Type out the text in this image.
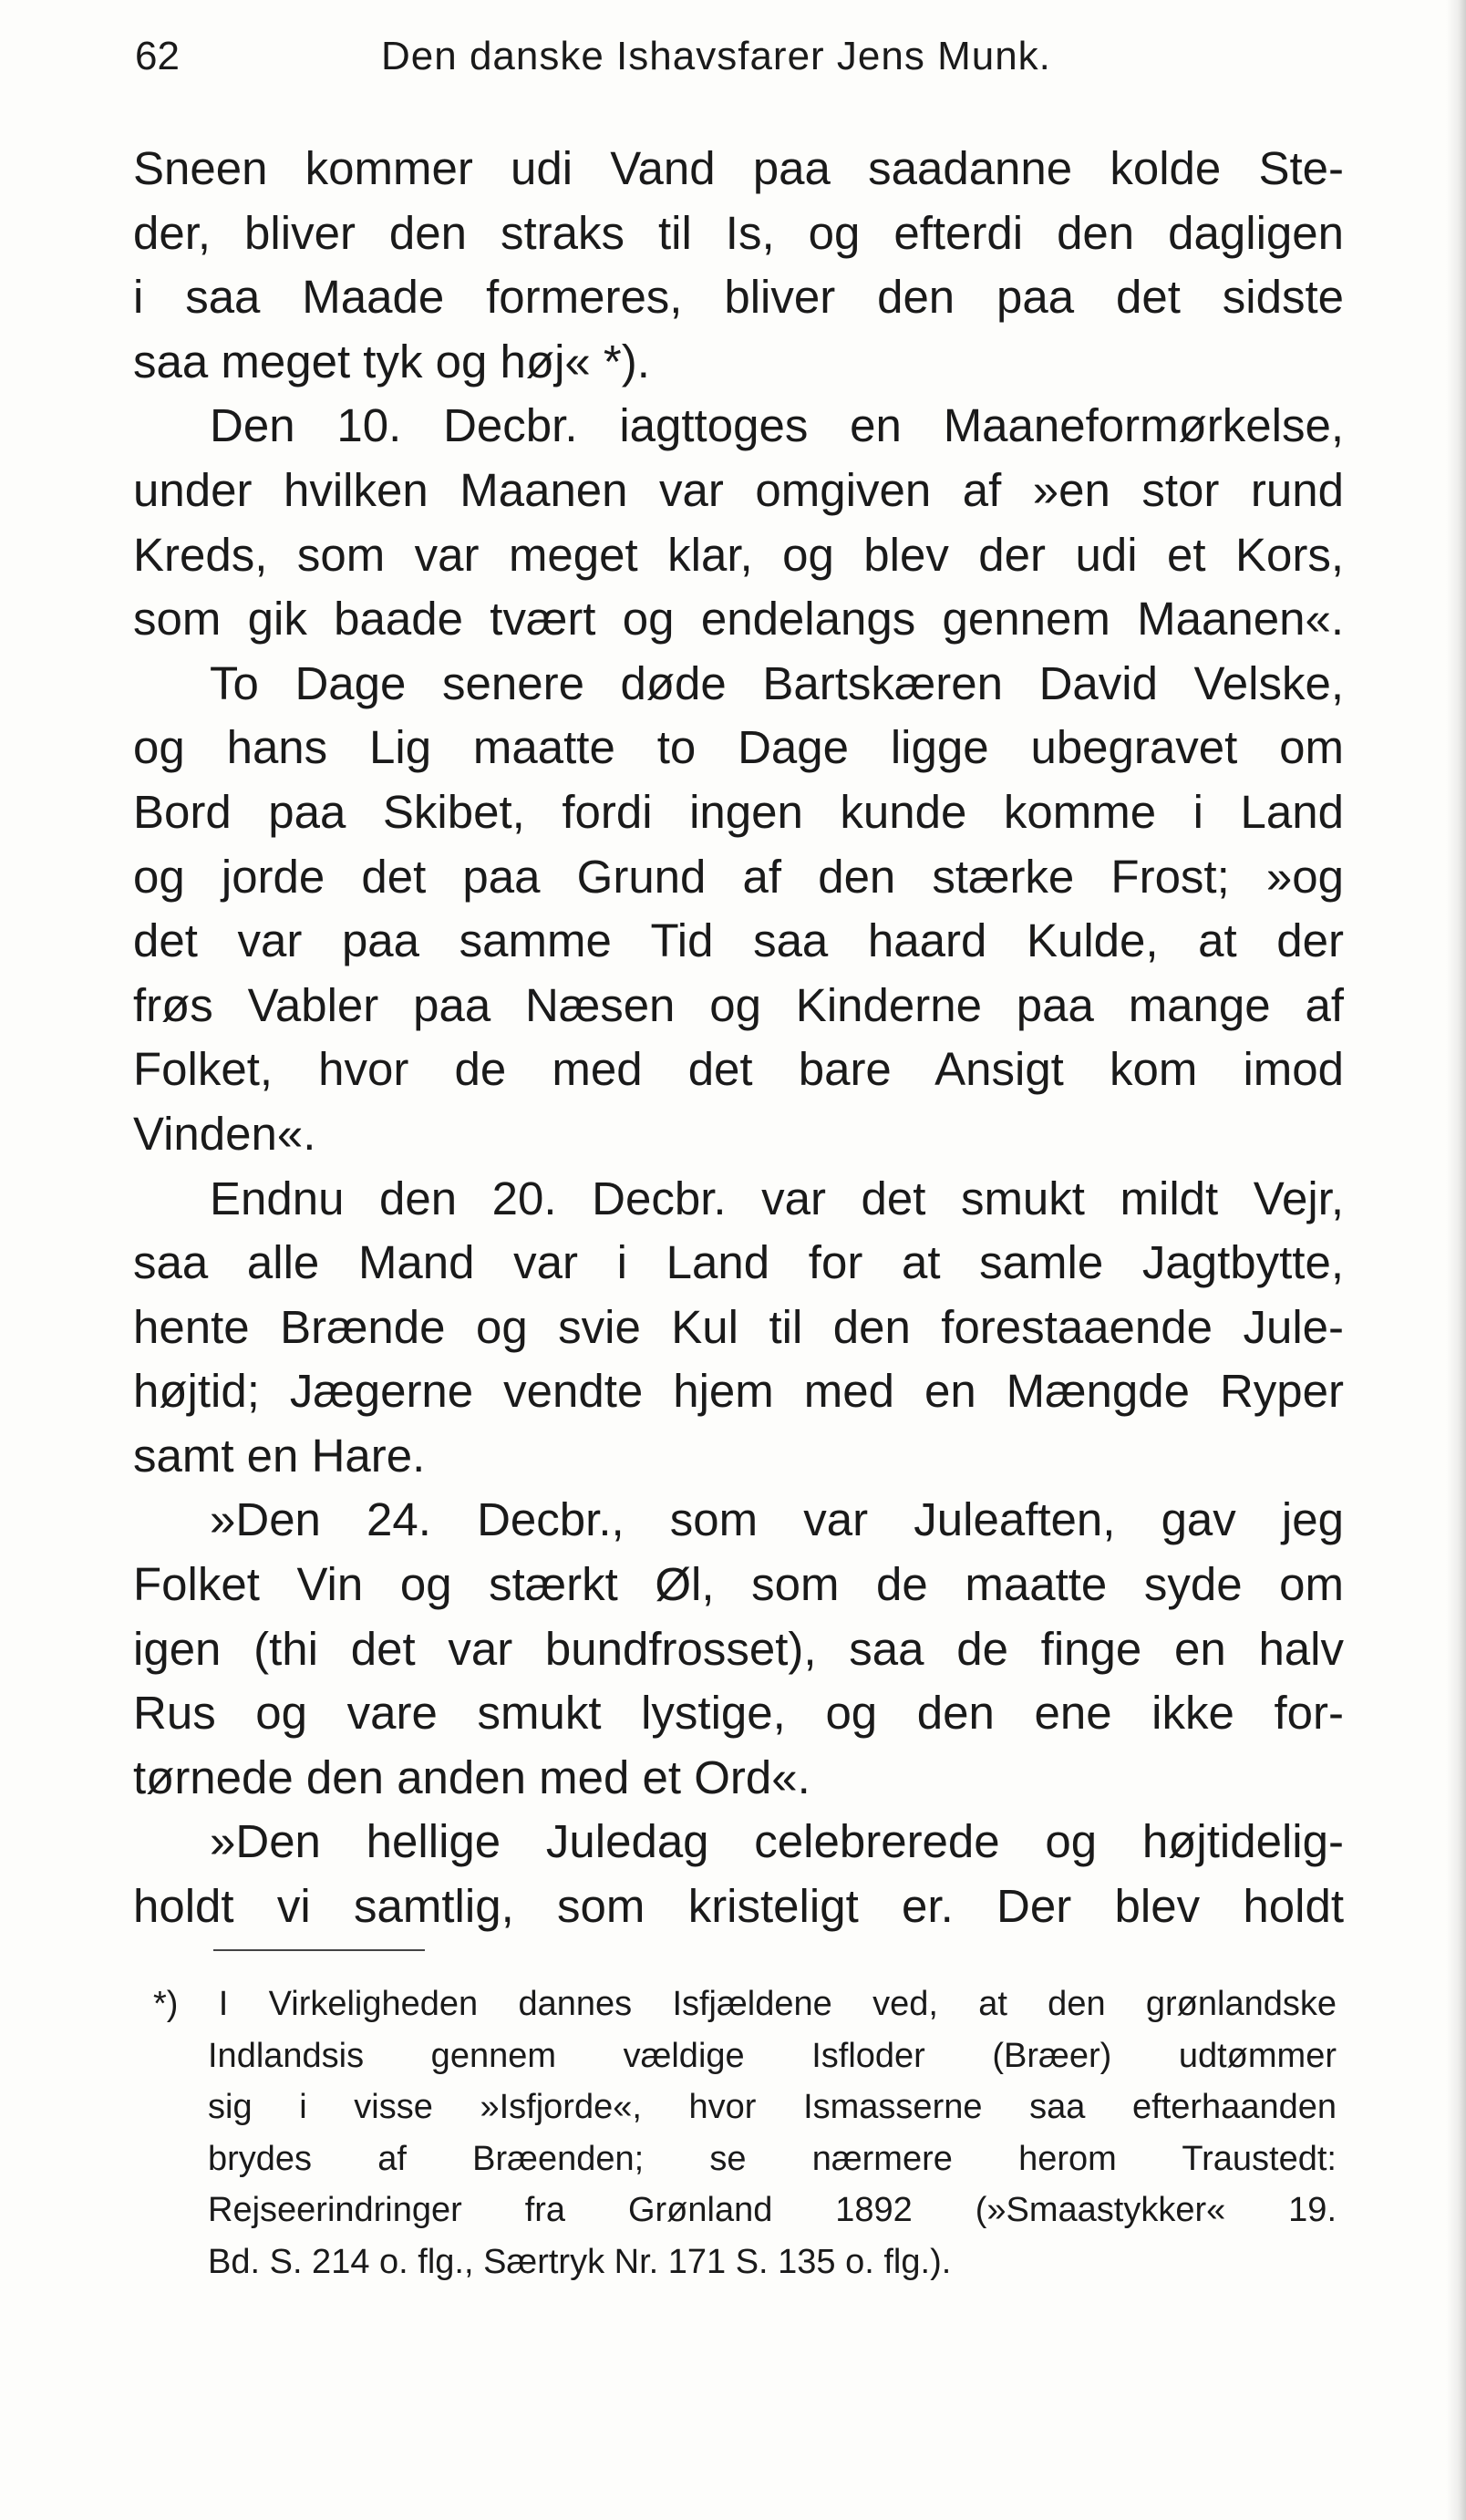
62	Den danske Ishavsfarer Jens Munk.
Sneen kommer udi Vand paa saadanne kolde Ste-
der, bliver den straks til Is, og efterdi den dagligen
i saa Maade formeres, bliver den paa det sidste
saa meget tyk og høj« *).
Den 10. Decbr. iagttoges en Maaneformørkelse,
under hvilken Maanen var omgiven af »en stor rund
Kreds, som var meget klar, og blev der udi et Kors,
som gik baade tvært og endelangs gennem Maanen«.
To Dage senere døde Bartskæren David Velske,
og hans Lig maatte to Dage ligge ubegravet om
Bord paa Skibet, fordi ingen kunde komme i Land
og jorde det paa Grund af den stærke Frost; »og
det var paa samme Tid saa haard Kulde, at der
frøs Vabler paa Næsen og Kinderne paa mange af
Folket, hvor de med det bare Ansigt kom imod
Vinden«.
Endnu den 20. Decbr. var det smukt mildt Vejr,
saa alle Mand var i Land for at samle Jagtbytte,
hente Brænde og svie Kul til den forestaaende Jule-
højtid; Jægerne vendte hjem med en Mængde Ryper
samt en Hare.
»Den 24. Decbr., som var Juleaften, gav jeg
Folket Vin og stærkt Øl, som de maatte syde om
igen (thi det var bundfrosset), saa de finge en halv
Rus og vare smukt lystige, og den ene ikke for-
tørnede den anden med et Ord«.
»Den hellige Juledag celebrerede og højtidelig-
holdt vi samtlig, som kristeligt er. Der blev holdt
*) I Virkeligheden dannes Isfjældene ved, at den grønlandske
Indlandsis gennem vældige Isfloder (Bræer) udtømmer
sig i visse »Isfjorde«, hvor Ismasserne saa efterhaanden
brydes af Bræenden; se nærmere herom Traustedt:
Rejseerindringer fra Grønland 1892 (»Smaastykker« 19.
Bd. S. 214 o. flg., Særtryk Nr. 171 S. 135 o. flg.).
